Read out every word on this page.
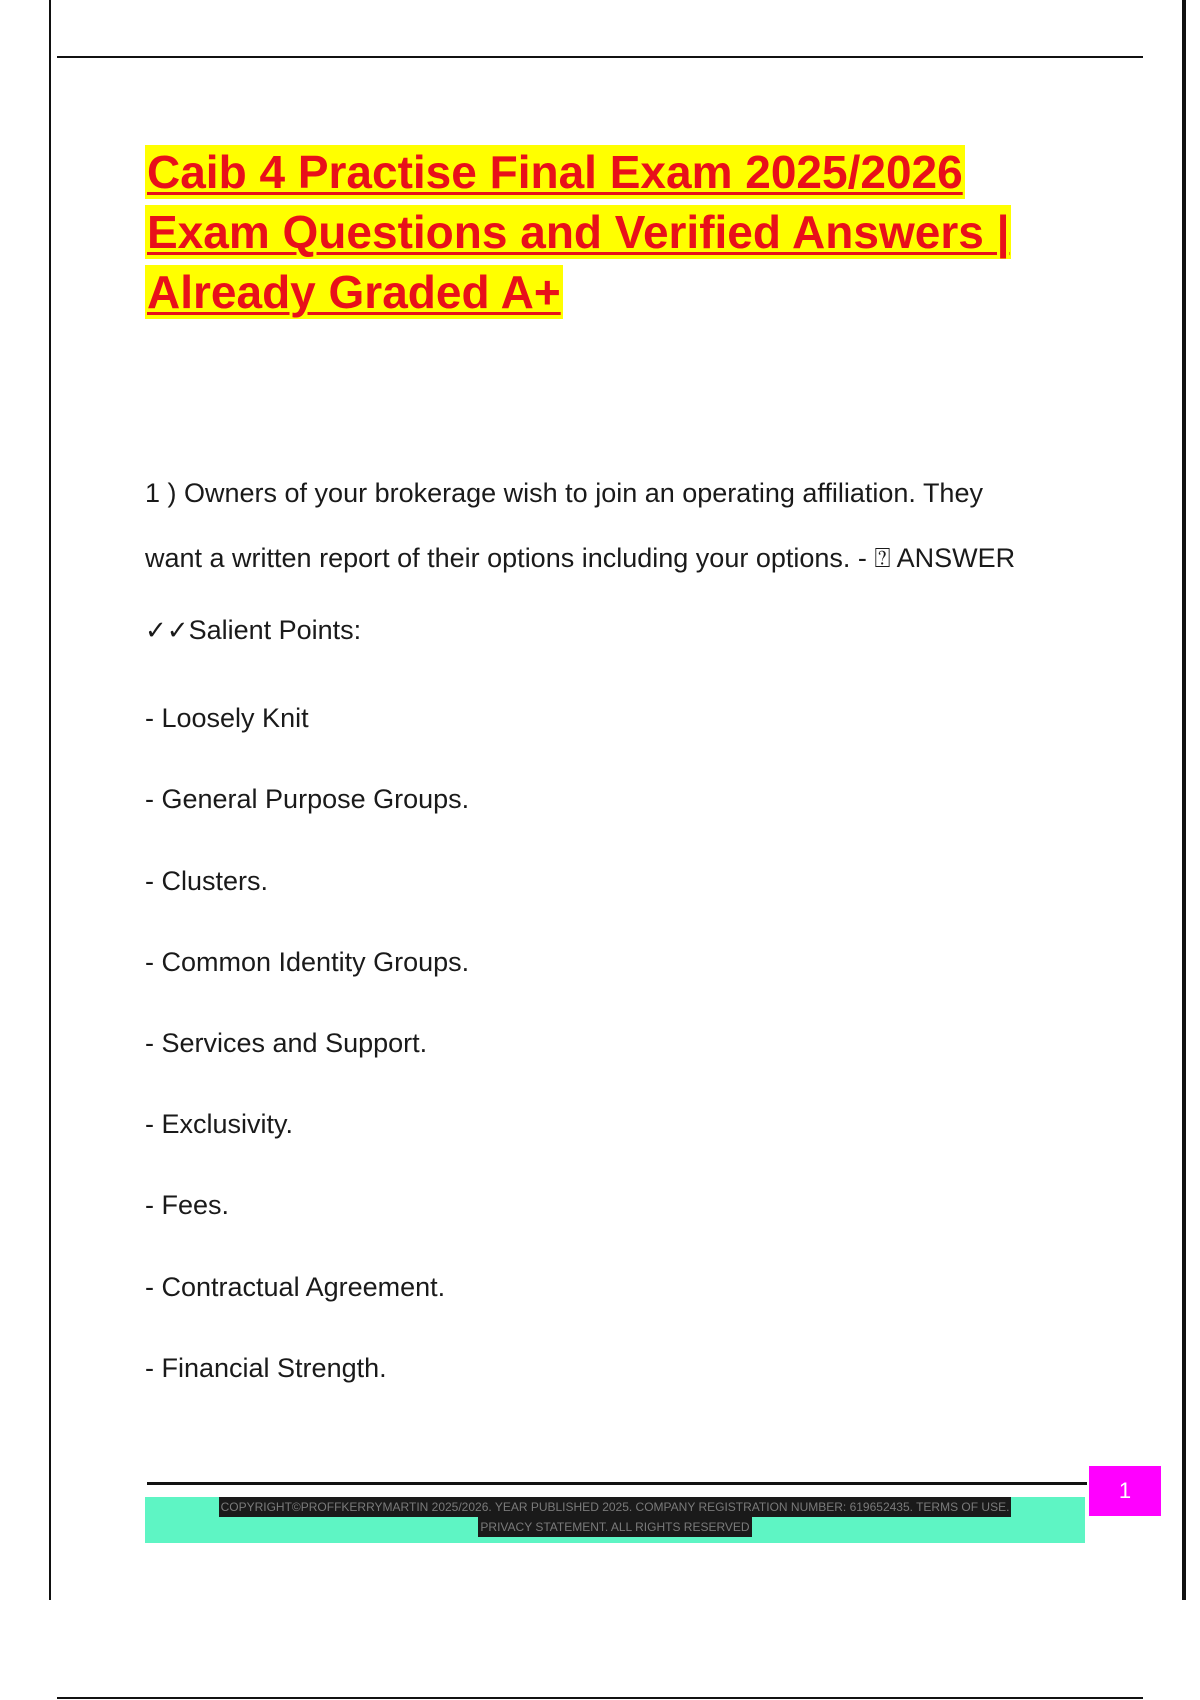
Caib 4 Practise Final Exam 2025/2026
Exam Questions and Verified Answers |
Already Graded A+
1 ) Owners of your brokerage wish to join an operating affiliation. They
want a written report of their options including your options. - ⍰ ANSWER
✓✓Salient Points:
- Loosely Knit
- General Purpose Groups.
- Clusters.
- Common Identity Groups.
- Services and Support.
- Exclusivity.
- Fees.
- Contractual Agreement.
- Financial Strength.
COPYRIGHT©PROFFKERRYMARTIN 2025/2026. YEAR PUBLISHED 2025. COMPANY REGISTRATION NUMBER: 619652435. TERMS OF USE.
PRIVACY STATEMENT. ALL RIGHTS RESERVED
1
